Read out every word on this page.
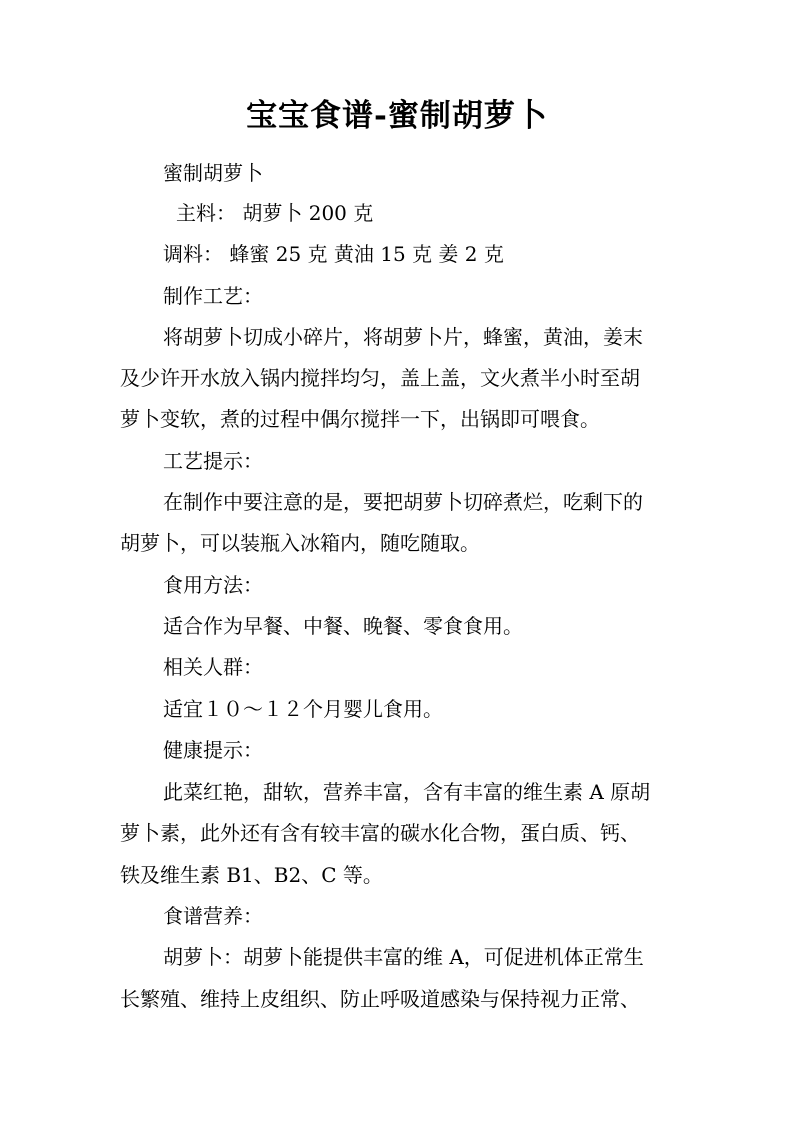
宝宝食谱-蜜制胡萝卜
蜜制胡萝卜
主料： 胡萝卜 200 克
调料： 蜂蜜 25 克 黄油 15 克 姜 2 克
制作工艺：
将胡萝卜切成小碎片，将胡萝卜片，蜂蜜，黄油，姜末
及少许开水放入锅内搅拌均匀，盖上盖，文火煮半小时至胡
萝卜变软，煮的过程中偶尔搅拌一下，出锅即可喂食。
工艺提示：
在制作中要注意的是，要把胡萝卜切碎煮烂，吃剩下的
胡萝卜，可以装瓶入冰箱内，随吃随取。
食用方法：
适合作为早餐、中餐、晚餐、零食食用。
相关人群：
适宜１０～１２个月婴儿食用。
健康提示：
此菜红艳，甜软，营养丰富，含有丰富的维生素 A 原胡
萝卜素，此外还有含有较丰富的碳水化合物，蛋白质、钙、
铁及维生素 B1、B2、C 等。
食谱营养：
胡萝卜：胡萝卜能提供丰富的维 A，可促进机体正常生
长繁殖、维持上皮组织、防止呼吸道感染与保持视力正常、
